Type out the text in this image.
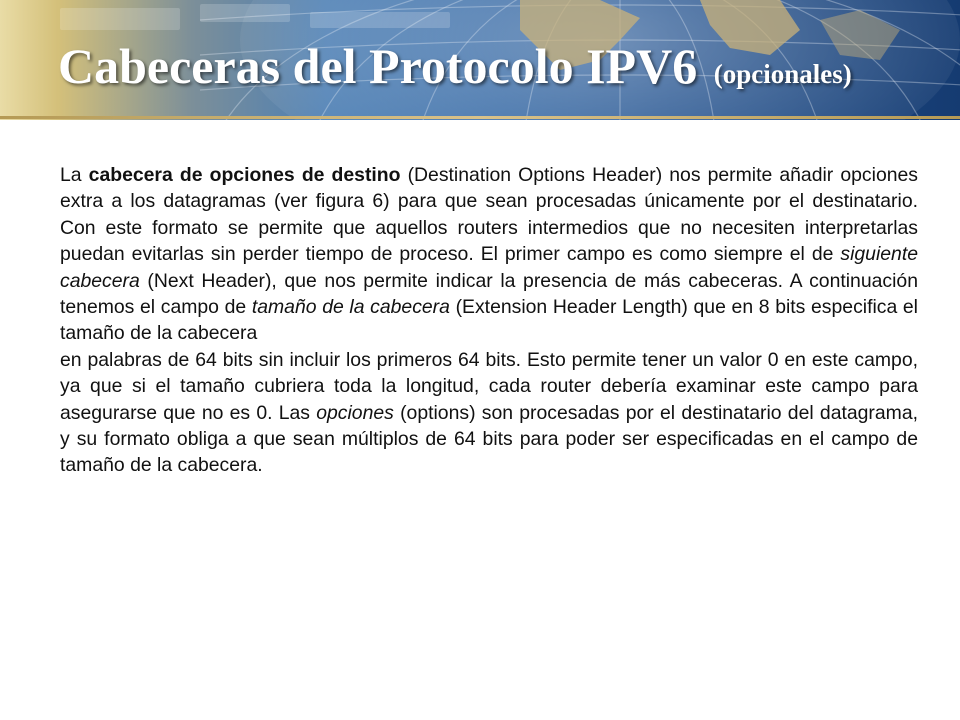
Cabeceras del Protocolo IPV6 (opcionales)

La cabecera de opciones de destino (Destination Options Header) nos permite añadir opciones extra a los datagramas (ver figura 6) para que sean procesadas únicamente por el destinatario. Con este formato se permite que aquellos routers intermedios que no necesiten interpretarlas puedan evitarlas sin perder tiempo de proceso. El primer campo es como siempre el de siguiente cabecera (Next Header), que nos permite indicar la presencia de más cabeceras. A continuación tenemos el campo de tamaño de la cabecera (Extension Header Length) que en 8 bits especifica el tamaño de la cabecera

en palabras de 64 bits sin incluir los primeros 64 bits. Esto permite tener un valor 0 en este campo, ya que si el tamaño cubriera toda la longitud, cada router debería examinar este campo para asegurarse que no es 0. Las opciones (options) son procesadas por el destinatario del datagrama, y su formato obliga a que sean múltiplos de 64 bits para poder ser especificadas en el campo de tamaño de la cabecera.
